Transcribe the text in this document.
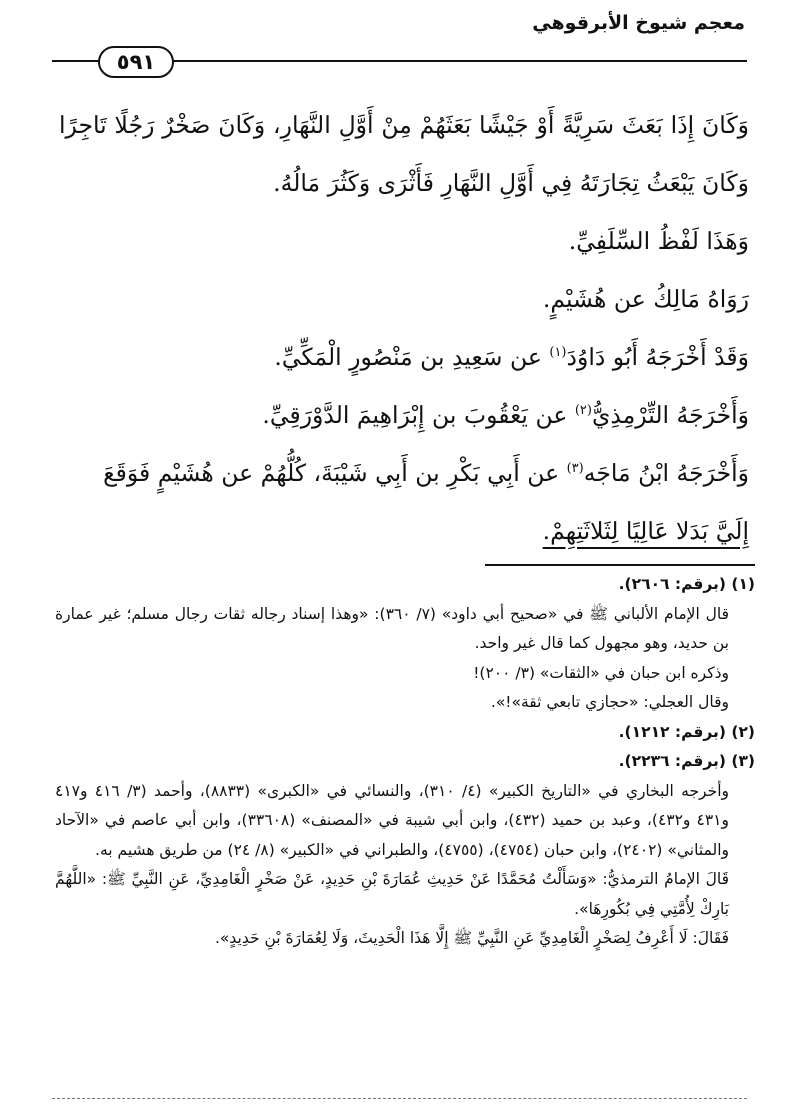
معجم شيوخ الأبرقوهي
٥٩١

وَكَانَ إِذَا بَعَثَ سَرِيَّةً أَوْ جَيْشًا بَعَثَهُمْ مِنْ أَوَّلِ النَّهَارِ، وَكَانَ صَخْرٌ رَجُلًا تَاجِرًا وَكَانَ يَبْعَثُ تِجَارَتَهُ فِي أَوَّلِ النَّهَارِ فَأَثْرَى وَكَثُرَ مَالُهُ.

وَهَذَا لَفْظُ السِّلَفِيِّ.

رَوَاهُ مَالِكُ عن هُشَيْمٍ.

وَقَدْ أَخْرَجَهُ أَبُو دَاوُدَ$^{(١)}$ عن سَعِيدِ بن مَنْصُورٍ الْمَكِّيِّ.

وَأَخْرَجَهُ التِّرْمِذِيُّ$^{(٢)}$ عن يَعْقُوبَ بن إِبْرَاهِيمَ الدَّوْرَقِيِّ.

وَأَخْرَجَهُ ابْنُ مَاجَه$^{(٣)}$ عن أَبِي بَكْرِ بن أَبِي شَيْبَةَ، كُلُّهُمْ عن هُشَيْمٍ فَوَقَعَ

إِلَيَّ بَدَلا عَالِيًا لِثَلاثَتِهِمْ.

(١) (برقم: ٢٦٠٦).

قال الإمام الألباني ﷺ في «صحيح أبي داود» (٧/ ٣٦٠): «وهذا إسناد رجاله ثقات رجال مسلم؛ غير عمارة بن حديد، وهو مجهول كما قال غير واحد.

وذكره ابن حبان في «الثقات» (٣/ ٢٠٠)!

وقال العجلي: «حجازي تابعي ثقة»!».

(٢) (برقم: ١٢١٢).

(٣) (برقم: ٢٢٣٦).

وأخرجه البخاري في «التاريخ الكبير» (٤/ ٣١٠)، والنسائي في «الكبرى» (٨٨٣٣)، وأحمد (٣/ ٤١٦ و٤١٧ و٤٣١ و٤٣٢)، وعبد بن حميد (٤٣٢)، وابن أبي شيبة في «المصنف» (٣٣٦٠٨)، وابن أبي عاصم في «الآحاد والمثاني» (٢٤٠٢)، وابن حبان (٤٧٥٤)، (٤٧٥٥)، والطبراني في «الكبير» (٨/ ٢٤) من طريق هشيم به.

قَالَ الإمامُ الترمذيُّ: «وَسَأَلْتُ مُحَمَّدًا عَنْ حَدِيثِ عُمَارَةَ بْنِ حَدِيدٍ، عَنْ صَخْرٍ الْغَامِدِيِّ، عَنِ النَّبِيِّ ﷺ: «اللَّهُمَّ بَارِكْ لِأُمَّتِي فِي بُكُورِهَا».

فَقَالَ: لَا أَعْرِفُ لِصَخْرٍ الْغَامِدِيِّ عَنِ النَّبِيِّ ﷺ إِلَّا هَذَا الْحَدِيثَ، وَلَا لِعُمَارَةَ بْنِ حَدِيدٍ».
